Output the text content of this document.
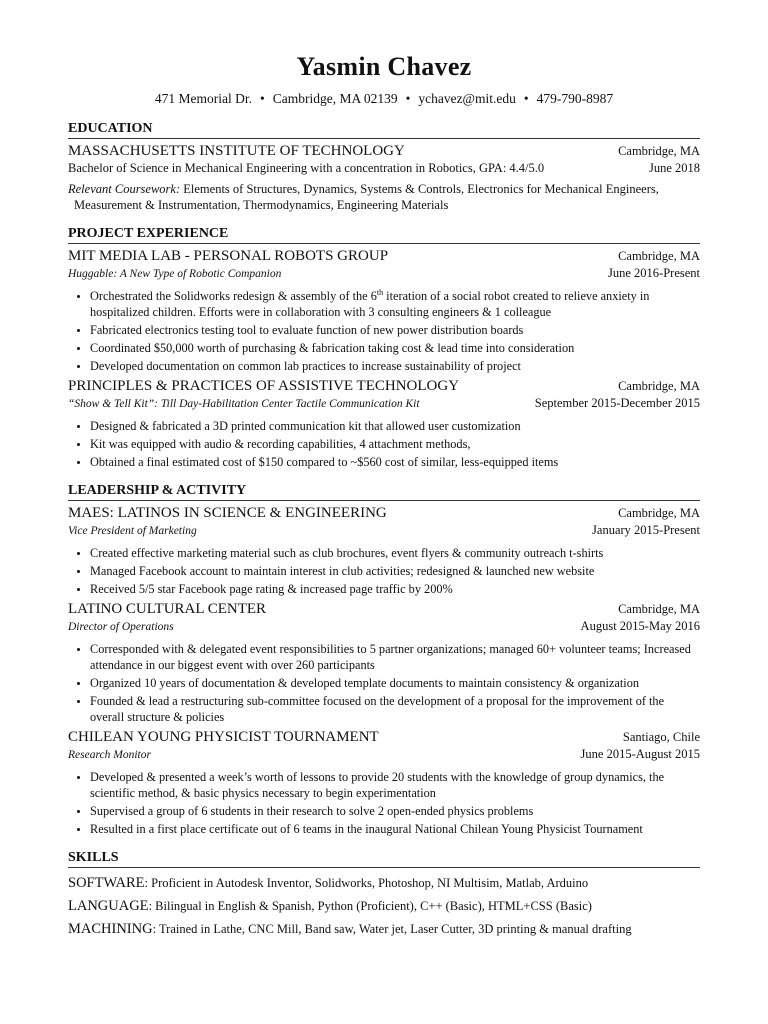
Yasmin Chavez
471 Memorial Dr. • Cambridge, MA 02139 • ychavez@mit.edu • 479-790-8987
EDUCATION
MASSACHUSETTS INSTITUTE OF TECHNOLOGY	Cambridge, MA
Bachelor of Science in Mechanical Engineering with a concentration in Robotics, GPA: 4.4/5.0	June 2018
Relevant Coursework: Elements of Structures, Dynamics, Systems & Controls, Electronics for Mechanical Engineers,
Measurement & Instrumentation, Thermodynamics, Engineering Materials
PROJECT EXPERIENCE
MIT MEDIA LAB - PERSONAL ROBOTS GROUP	Cambridge, MA
Huggable: A New Type of Robotic Companion	June 2016-Present
• Orchestrated the Solidworks redesign & assembly of the 6th iteration of a social robot created to relieve anxiety in hospitalized children. Efforts were in collaboration with 3 consulting engineers & 1 colleague
• Fabricated electronics testing tool to evaluate function of new power distribution boards
• Coordinated $50,000 worth of purchasing & fabrication taking cost & lead time into consideration
• Developed documentation on common lab practices to increase sustainability of project
PRINCIPLES & PRACTICES OF ASSISTIVE TECHNOLOGY	Cambridge, MA
“Show & Tell Kit”: Till Day-Habilitation Center Tactile Communication Kit	September 2015-December 2015
• Designed & fabricated a 3D printed communication kit that allowed user customization
• Kit was equipped with audio & recording capabilities, 4 attachment methods,
• Obtained a final estimated cost of $150 compared to ~$560 cost of similar, less-equipped items
LEADERSHIP & ACTIVITY
MAES: LATINOS IN SCIENCE & ENGINEERING	Cambridge, MA
Vice President of Marketing	January 2015-Present
• Created effective marketing material such as club brochures, event flyers & community outreach t-shirts
• Managed Facebook account to maintain interest in club activities; redesigned & launched new website
• Received 5/5 star Facebook page rating & increased page traffic by 200%
LATINO CULTURAL CENTER	Cambridge, MA
Director of Operations	August 2015-May 2016
• Corresponded with & delegated event responsibilities to 5 partner organizations; managed 60+ volunteer teams; Increased attendance in our biggest event with over 260 participants
• Organized 10 years of documentation & developed template documents to maintain consistency & organization
• Founded & lead a restructuring sub-committee focused on the development of a proposal for the improvement of the overall structure & policies
CHILEAN YOUNG PHYSICIST TOURNAMENT	Santiago, Chile
Research Monitor	June 2015-August 2015
• Developed & presented a week’s worth of lessons to provide 20 students with the knowledge of group dynamics, the scientific method, & basic physics necessary to begin experimentation
• Supervised a group of 6 students in their research to solve 2 open-ended physics problems
• Resulted in a first place certificate out of 6 teams in the inaugural National Chilean Young Physicist Tournament
SKILLS
SOFTWARE: Proficient in Autodesk Inventor, Solidworks, Photoshop, NI Multisim, Matlab, Arduino
LANGUAGE: Bilingual in English & Spanish, Python (Proficient), C++ (Basic), HTML+CSS (Basic)
MACHINING: Trained in Lathe, CNC Mill, Band saw, Water jet, Laser Cutter, 3D printing & manual drafting
